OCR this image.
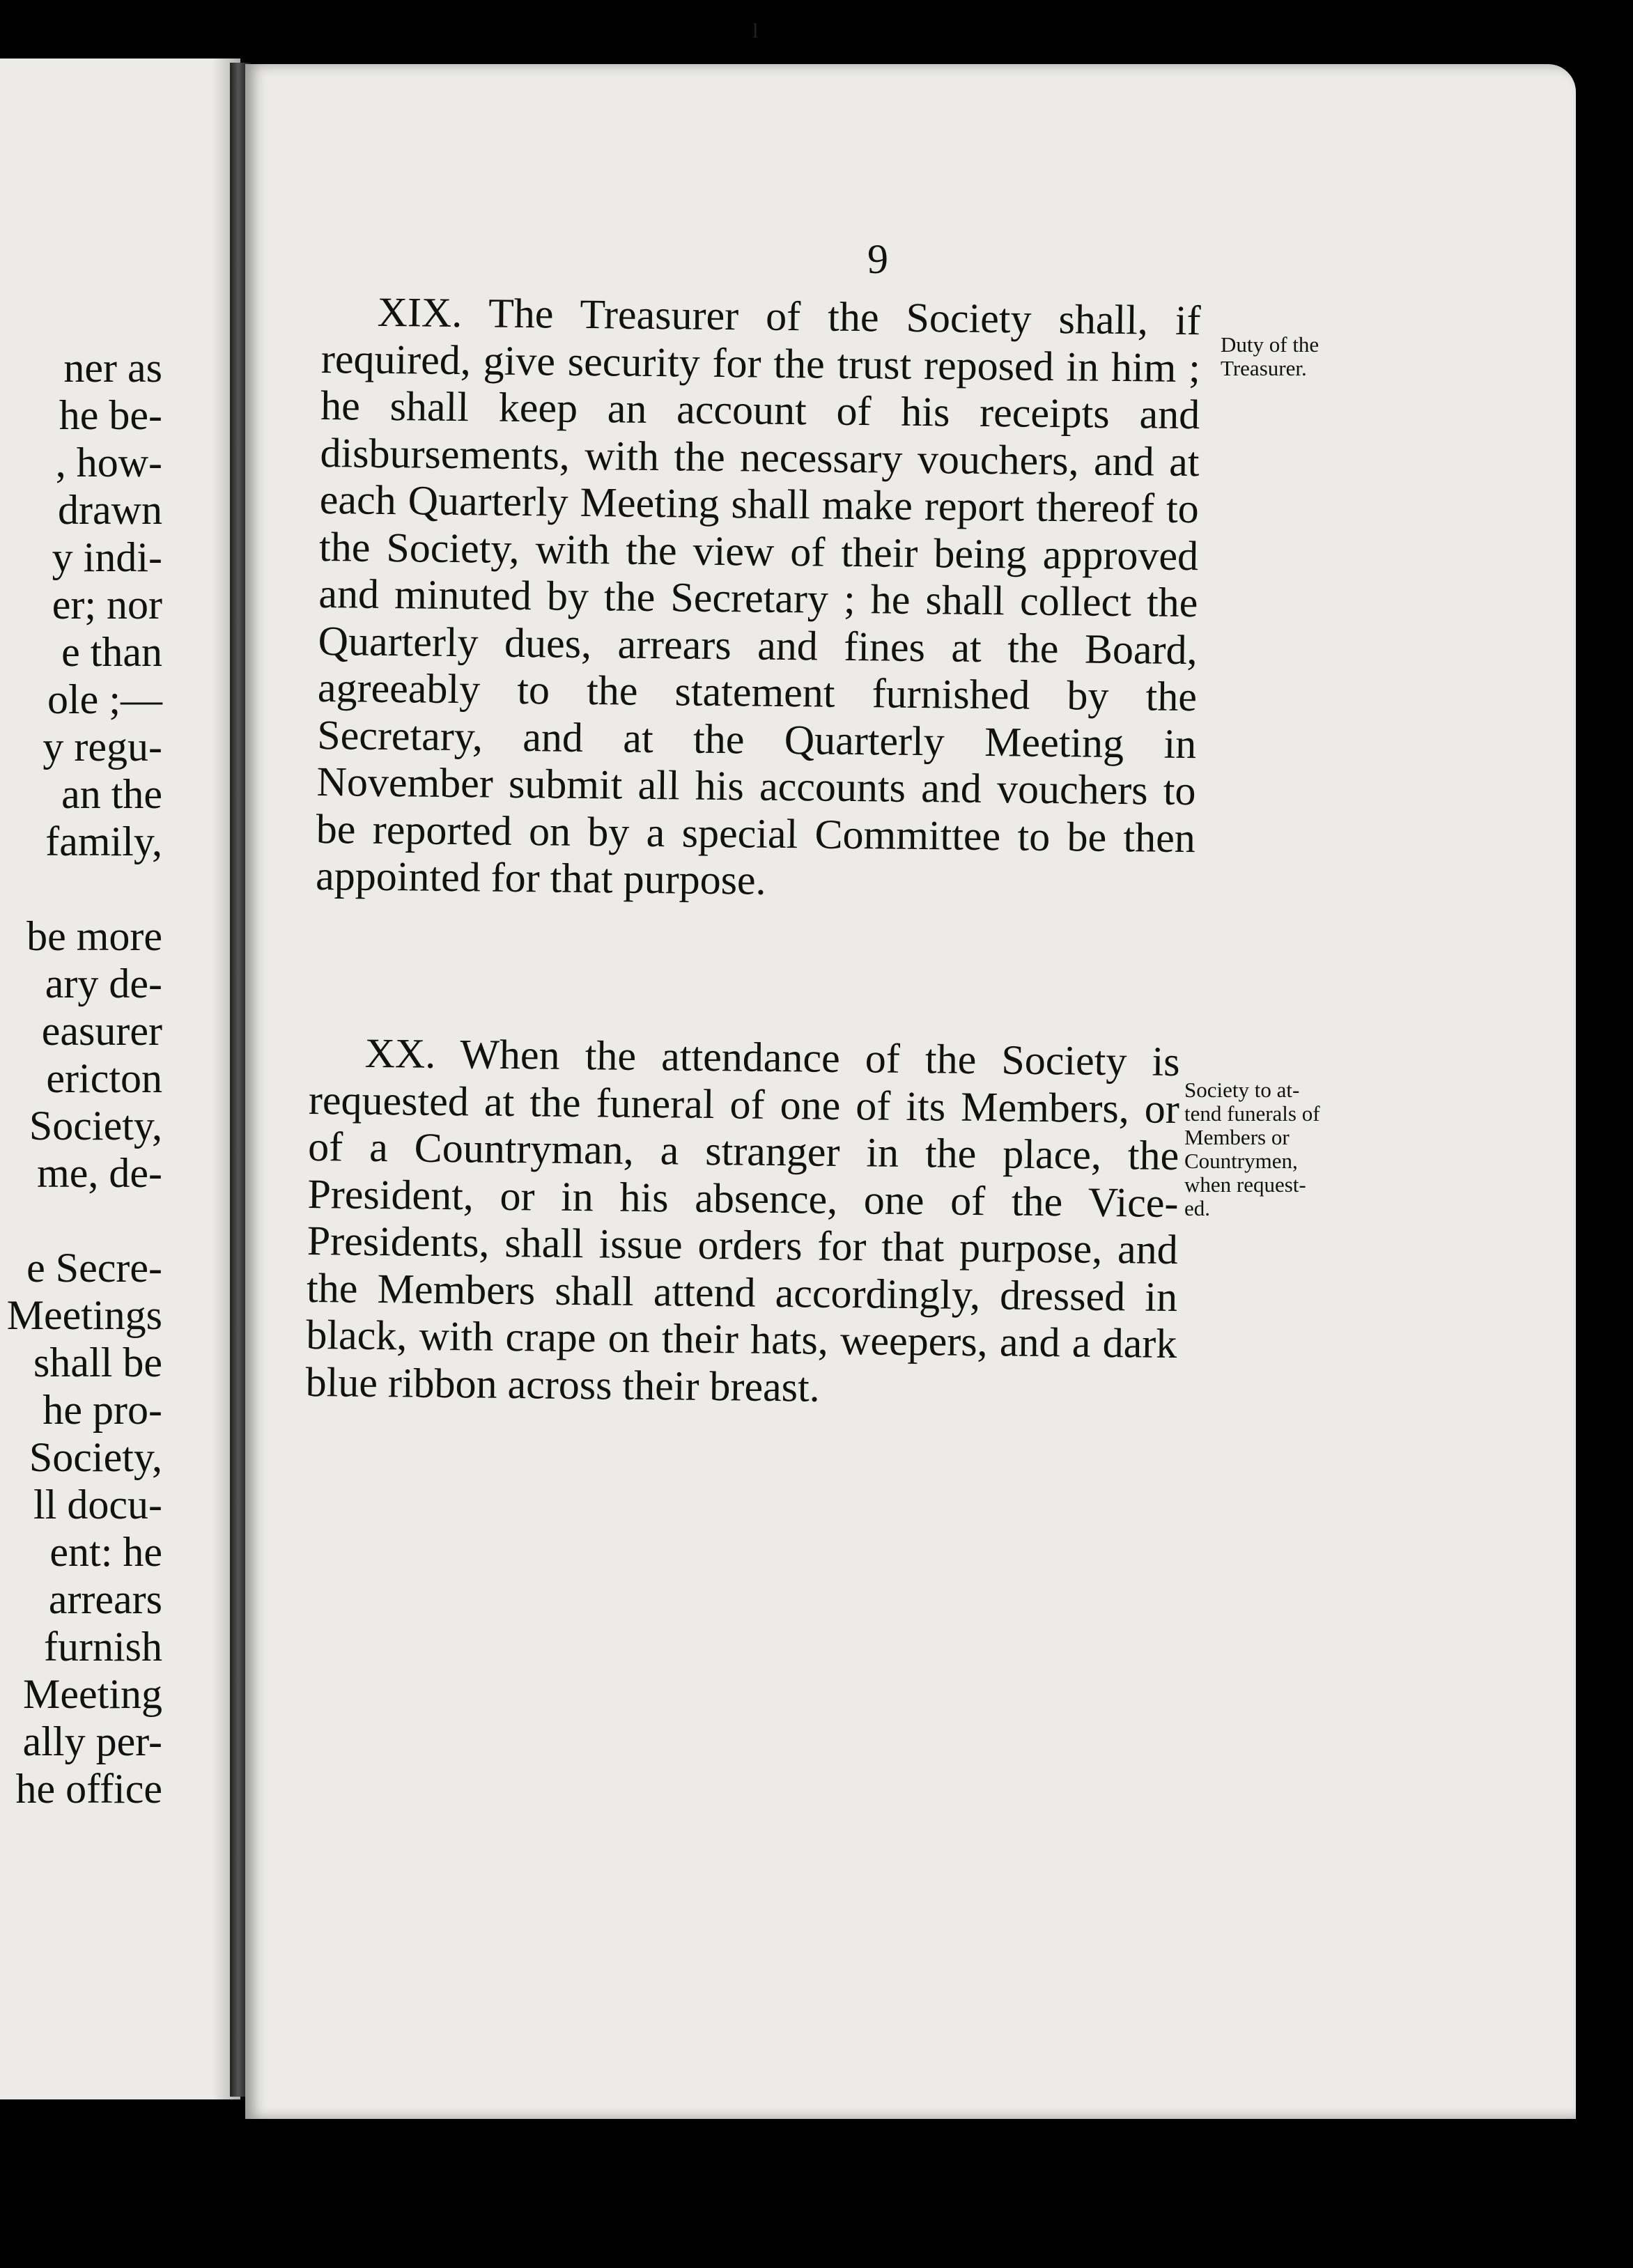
ner as
he be-
, how-
drawn
y indi-
er; nor
e than
ole ;—
y regu-
an the
family,
be more
ary de-
easurer
ericton
Society,
me, de-
e Secre-
Meetings
shall be
he pro-
Society,
ll docu-
ent: he
arrears
furnish
Meeting
ally per-
he office
ˡ
9

XIX. The Treasurer of the Society shall, if required, give security for the trust reposed in him ; he shall keep an account of his receipts and disbursements, with the necessary vouchers, and at each Quarterly Meeting shall make report thereof to the Society, with the view of their being approved and minuted by the Secretary ; he shall collect the Quarterly dues, arrears and fines at the Board, agreeably to the statement furnished by the Secretary, and at the Quarterly Meeting in November submit all his accounts and vouchers to be reported on by a special Committee to be then appointed for that purpose.

Duty of the
Treasurer.

XX. When the attendance of the Society is requested at the funeral of one of its Members, or of a Countryman, a stranger in the place, the President, or in his absence, one of the Vice-Presidents, shall issue orders for that purpose, and the Members shall attend accordingly, dressed in black, with crape on their hats, weepers, and a dark blue ribbon across their breast.

Society to at-
tend funerals of
Members or
Countrymen,
when request-
ed.
